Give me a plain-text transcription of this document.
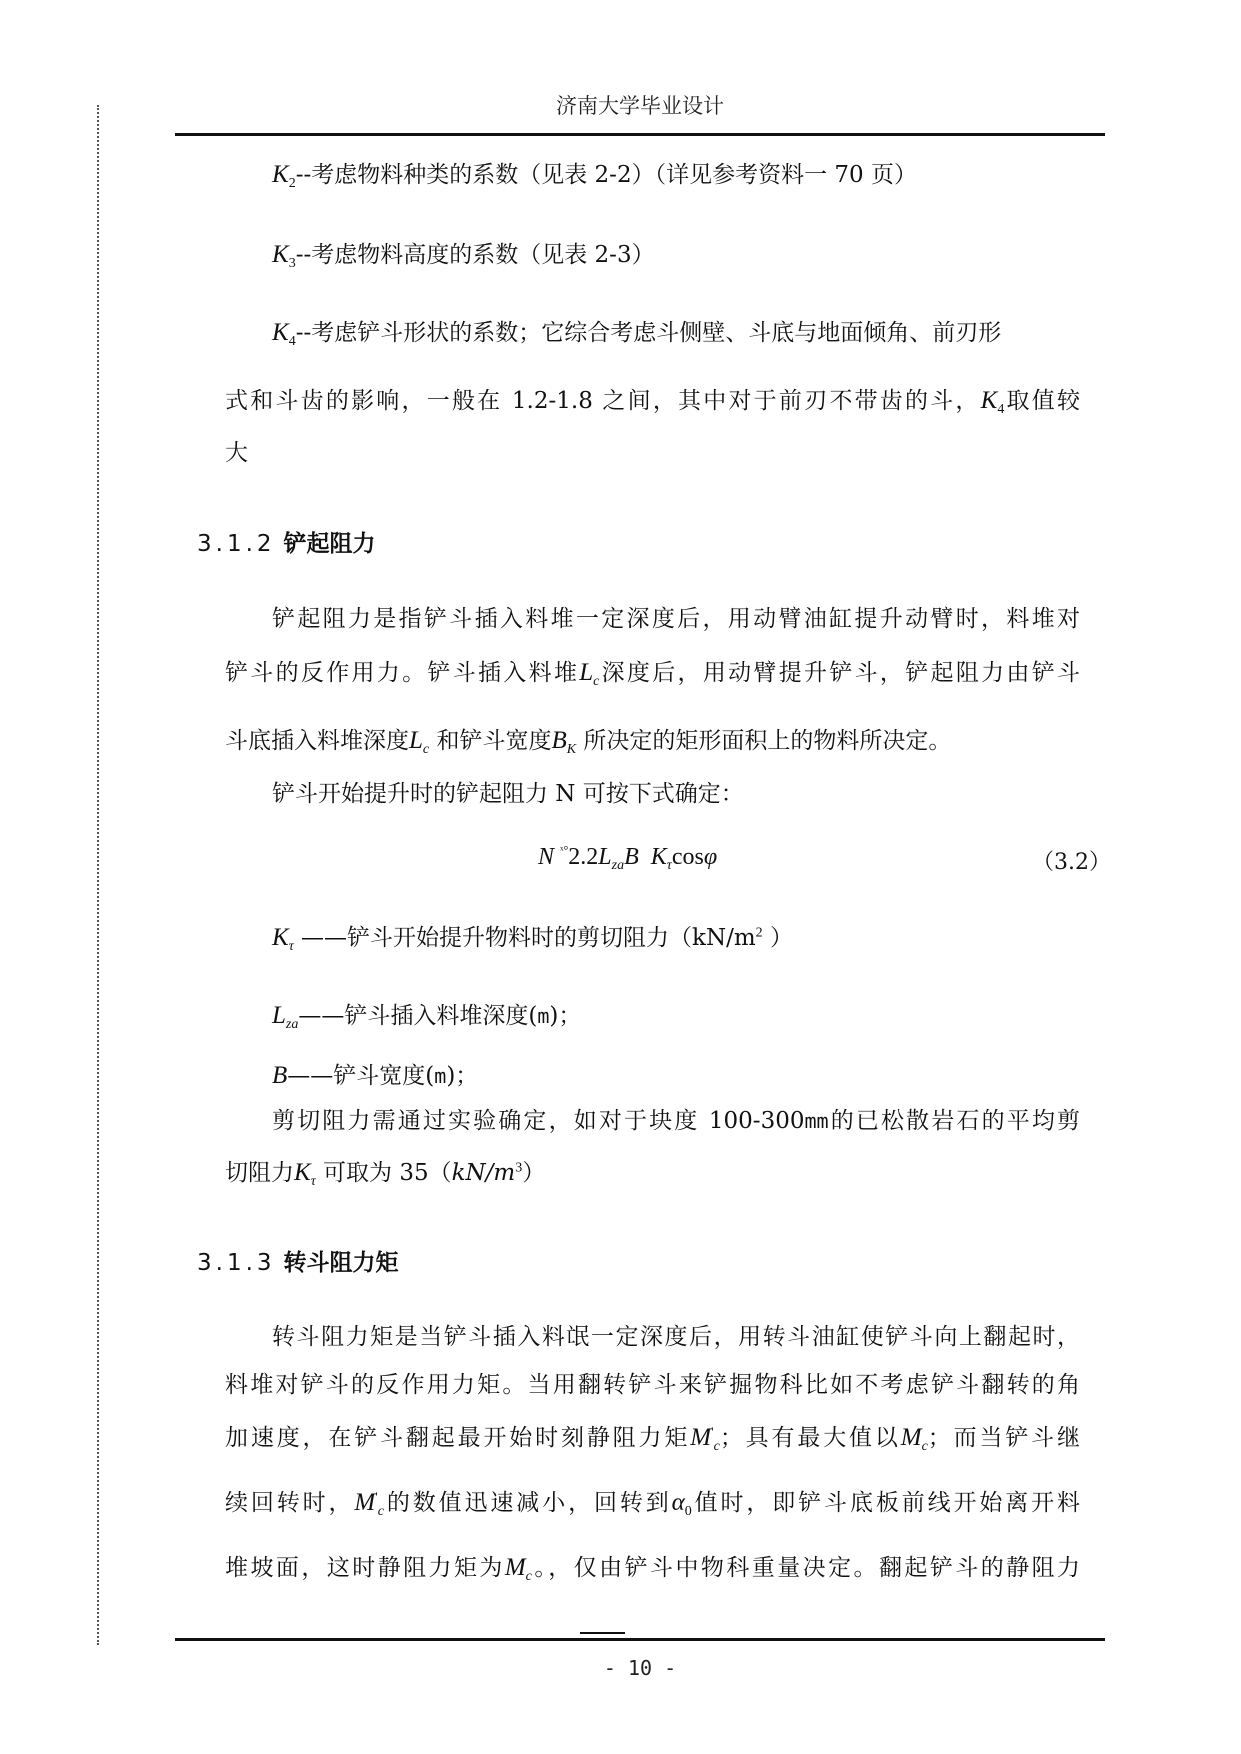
济南大学毕业设计
$K_2--$考虑物料种类的系数（见表 2-2）（详见参考资料一 70 页）
$K_3--$考虑物料高度的系数（见表 2-3）
$K_4--$考虑铲斗形状的系数；它综合考虑斗侧壁、斗底与地面倾角、前刃形
式和斗齿的影响，一般在 1.2-1.8 之间，其中对于前刃不带齿的斗，$K_4$取值较
大
3.1.2 铲起阻力
铲起阻力是指铲斗插入料堆一定深度后，用动臂油缸提升动臂时，料堆对
铲斗的反作用力。铲斗插入料堆$L_c$深度后，用动臂提升铲斗，铲起阻力由铲斗
斗底插入料堆深度$L_c$ 和铲斗宽度$B_K$ 所决定的矩形面积上的物料所决定。
铲斗开始提升时的铲起阻力 N 可按下式确定：
N $^{ˣ^\circ}2.2L_{za}B$ $K_\tau\cos\varphi$	（3.2）
$K_\tau$ ——铲斗开始提升物料时的剪切阻力（$kN/m^2$ ）
$L_{za}——$铲斗插入料堆深度(m)；
B——铲斗宽度(m)；
剪切阻力需通过实验确定，如对于块度 100-300mm的已松散岩石的平均剪
切阻力$K_\tau$ 可取为 $35(kN/m^3)$
3.1.3 转斗阻力矩
转斗阻力矩是当铲斗插入料氓一定深度后，用转斗油缸使铲斗向上翻起时，
料堆对铲斗的反作用力矩。当用翻转铲斗来铲掘物科比如不考虑铲斗翻转的角
加速度，在铲斗翻起最开始时刻静阻力矩$M'_c$；具有最大值以$M_c$；而当铲斗继
续回转时，$M'_c$的数值迅速减小，回转到$\alpha_0$值时，即铲斗底板前线开始离开料
堆坡面，这时静阻力矩为$M_c$。，仅由铲斗中物科重量决定。翻起铲斗的静阻力
- 10 -
